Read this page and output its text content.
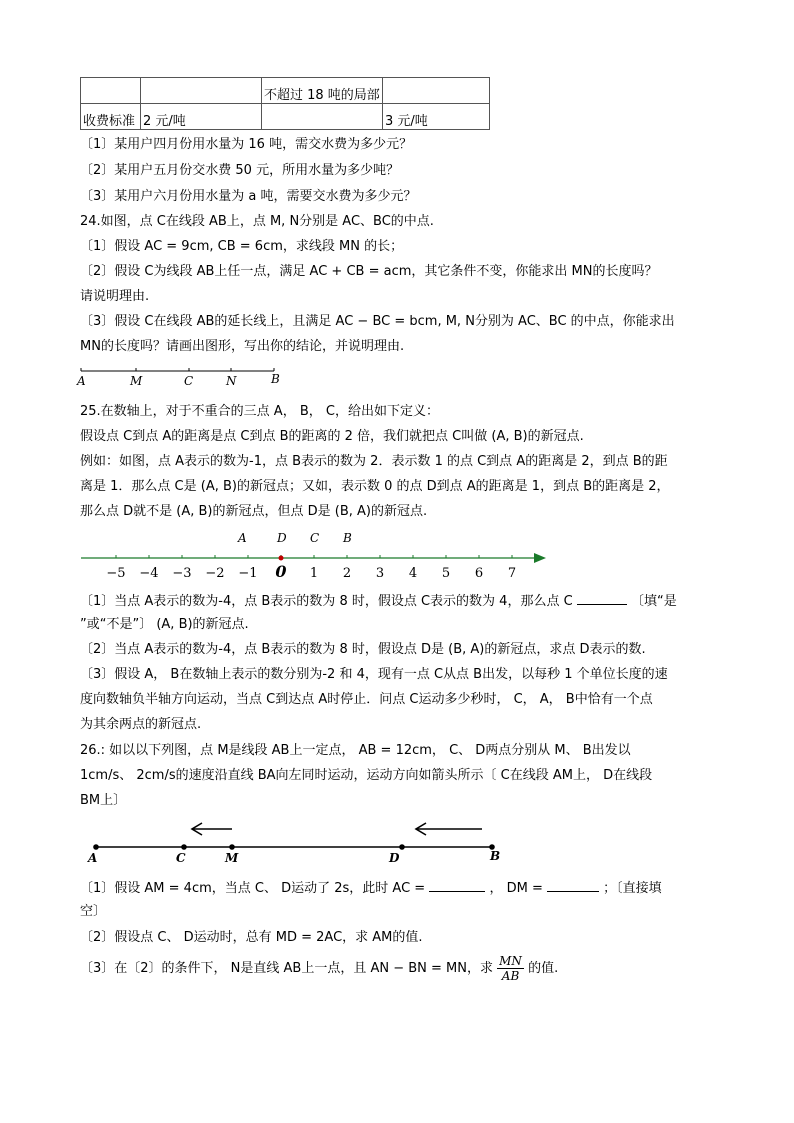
		不超过 18 吨的局部	
收费标准	2 元/吨		3 元/吨
〔1〕某用户四月份用水量为 16 吨，需交水费为多少元？
〔2〕某用户五月份交水费 50 元，所用水量为多少吨？
〔3〕某用户六月份用水量为 a 吨，需要交水费为多少元？
24.如图，点 C在线段 AB上，点 M, N分别是 AC、BC的中点.
〔1〕假设 AC = 9cm, CB = 6cm，求线段 MN 的长；
〔2〕假设 C为线段 AB上任一点，满足 AC + CB = acm，其它条件不变，你能求出 MN的长度吗？
请说明理由.
〔3〕假设 C在线段 AB的延长线上，且满足 AC − BC = bcm, M, N分别为 AC、BC 的中点，你能求出
MN的长度吗？请画出图形，写出你的结论，并说明理由.
A	M	C	N	B
25.在数轴上，对于不重合的三点 A， B， C，给出如下定义：
假设点 C到点 A的距离是点 C到点 B的距离的 2 倍，我们就把点 C叫做 (A, B)的新冠点.
例如：如图，点 A表示的数为-1，点 B表示的数为 2．表示数 1 的点 C到点 A的距离是 2，到点 B的距
离是 1．那么点 C是 (A, B)的新冠点；又如，表示数 0 的点 D到点 A的距离是 1，到点 B的距离是 2，
那么点 D就不是 (A, B)的新冠点，但点 D是 (B, A)的新冠点.
−5 −4 −3 −2 −1 0 1 2 3 4 5 6 7
A	D C B
〔1〕当点 A表示的数为-4，点 B表示的数为 8 时，假设点 C表示的数为 4，那么点 C	〔填“是
”或“不是”〕 (A, B)的新冠点.
〔2〕当点 A表示的数为-4，点 B表示的数为 8 时，假设点 D是 (B, A)的新冠点，求点 D表示的数.
〔3〕假设 A， B在数轴上表示的数分别为-2 和 4，现有一点 C从点 B出发，以每秒 1 个单位长度的速
度向数轴负半轴方向运动，当点 C到达点 A时停止．问点 C运动多少秒时， C， A， B中恰有一个点
为其余两点的新冠点.
26.: 如以以下列图，点 M是线段 AB上一定点， AB = 12cm， C、 D两点分别从 M、 B出发以
1cm/s、 2cm/s的速度沿直线 BA向左同时运动，运动方向如箭头所示〔 C在线段 AM上， D在线段
BM上〕
A	C	M	D	B
〔1〕假设 AM = 4cm，当点 C、 D运动了 2s，此时 AC =	， DM =	；〔直接填
空〕
〔2〕假设点 C、 D运动时，总有 MD = 2AC，求 AM的值.
〔3〕在〔2〕的条件下， N是直线 AB上一点，且 AN − BN = MN，求 $\frac{MN}{AB}$ 的值.
